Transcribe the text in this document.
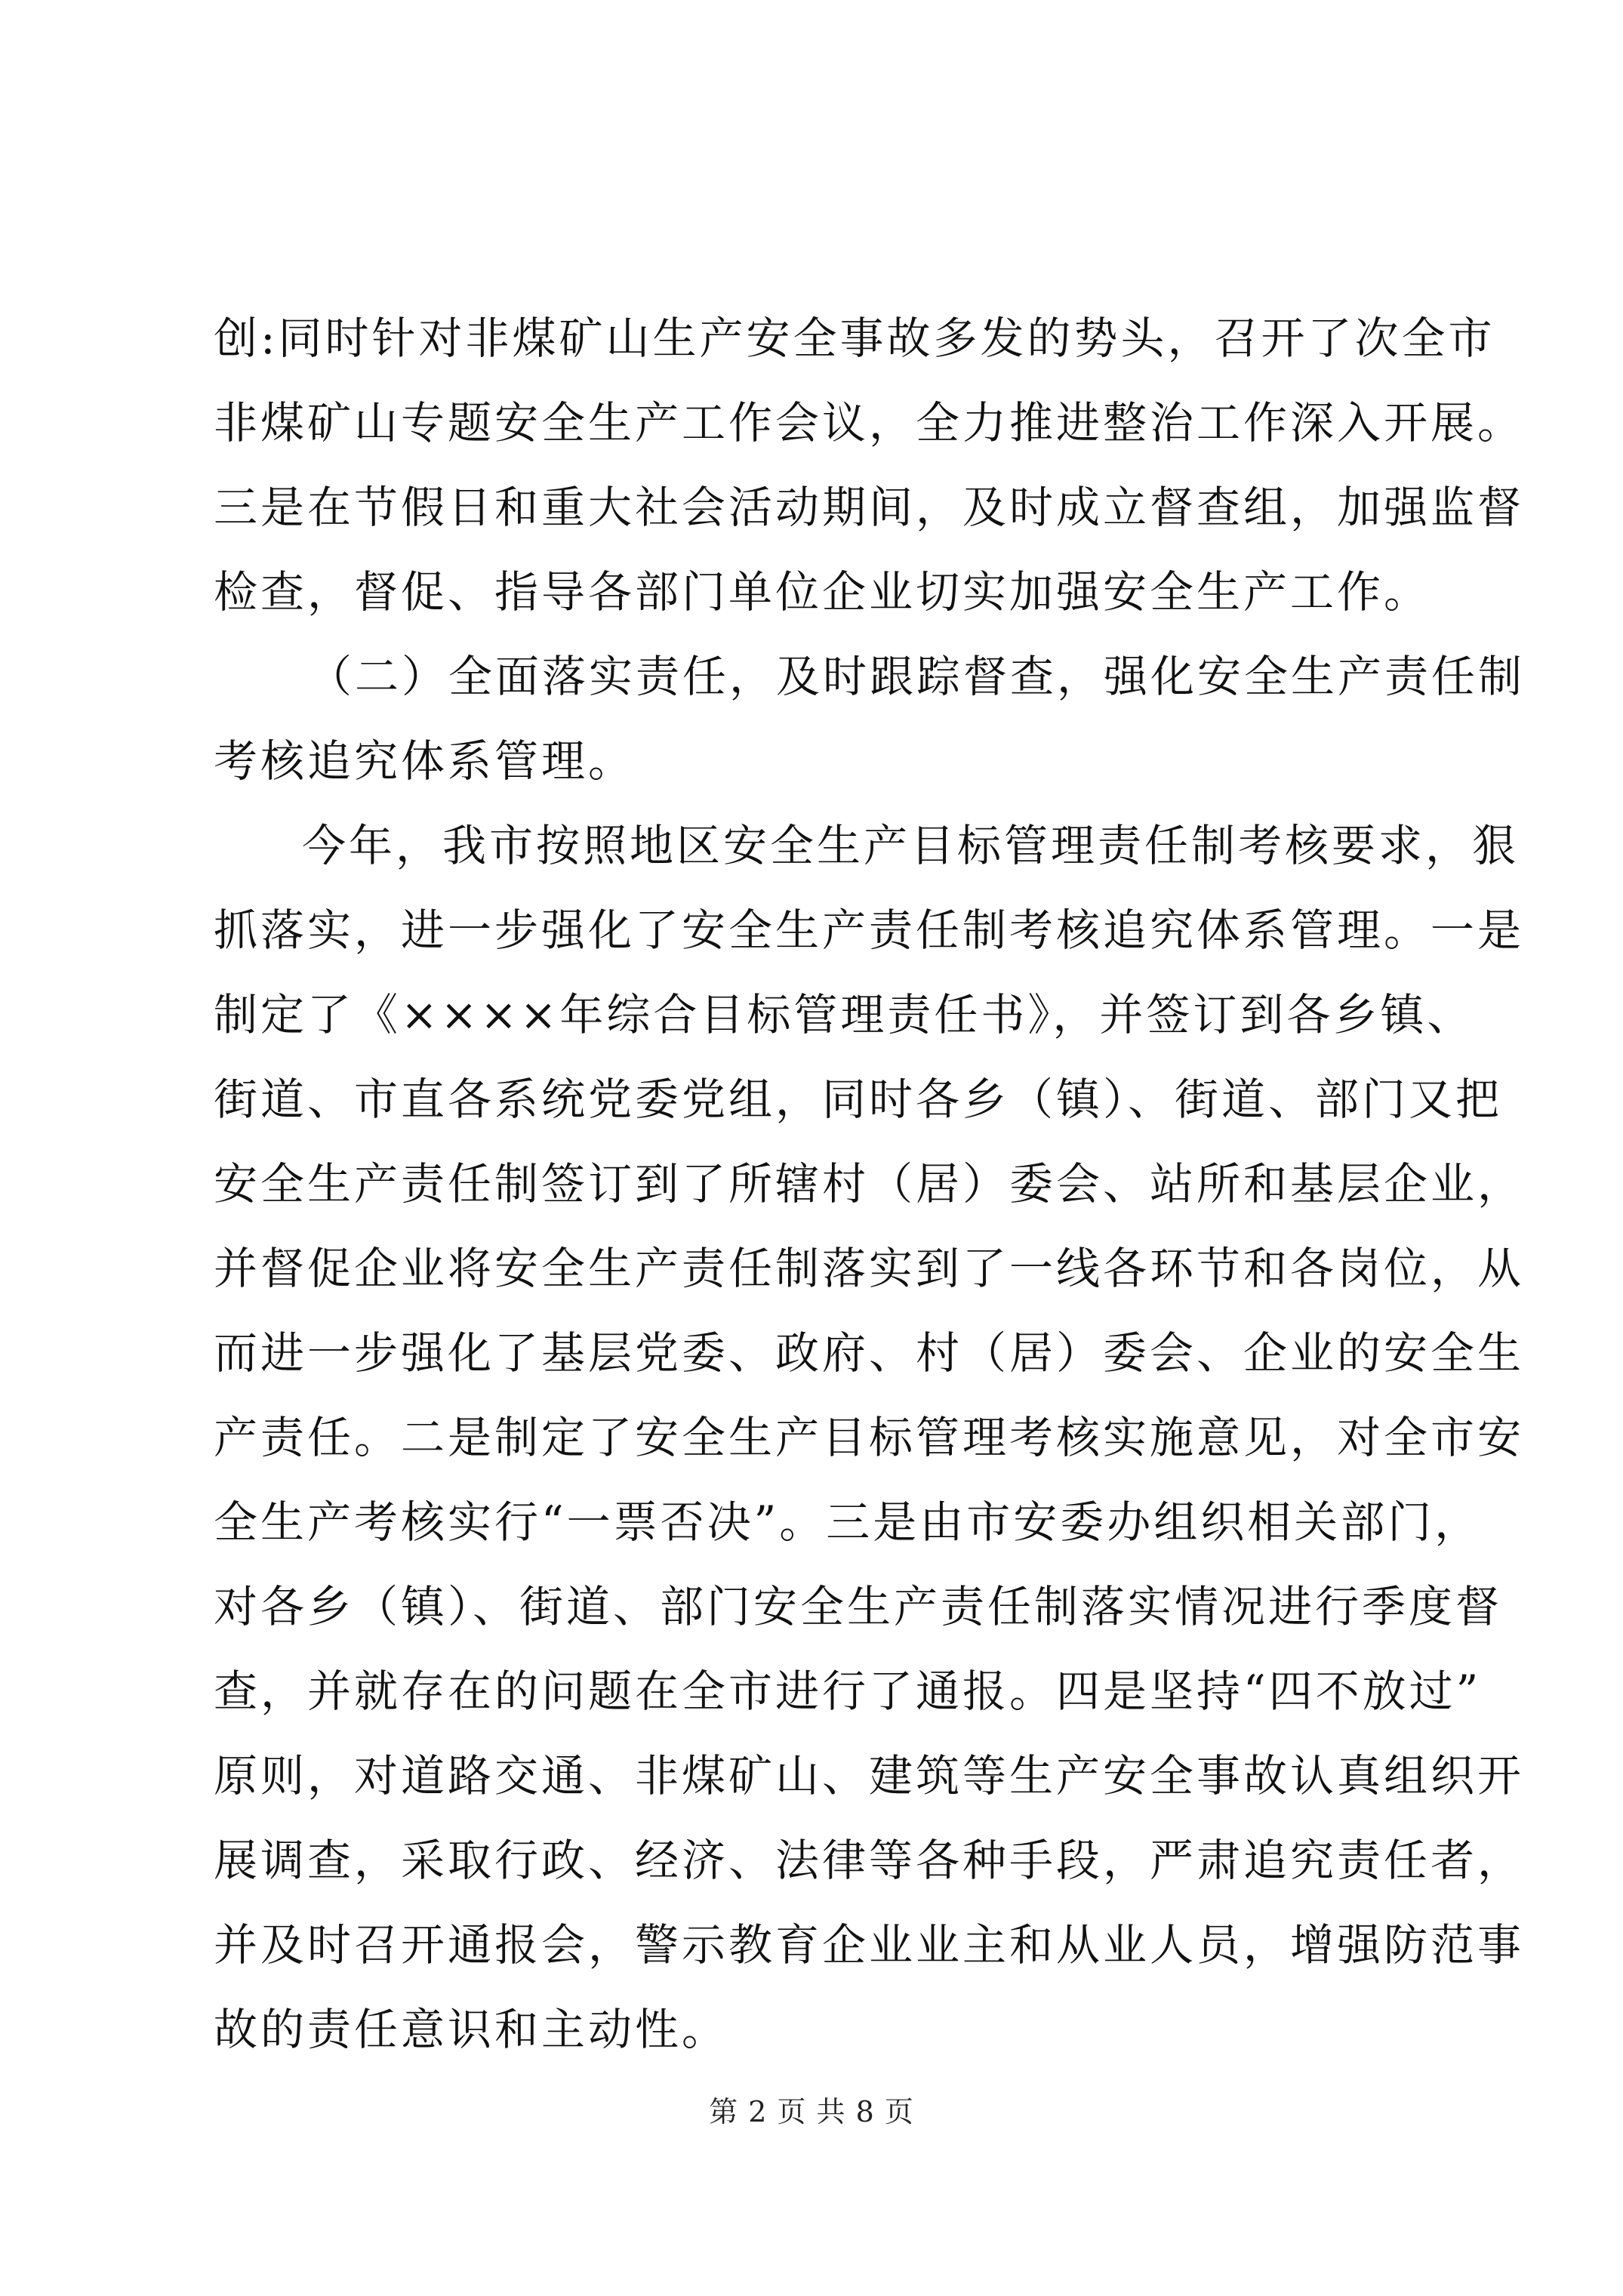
创:同时针对非煤矿山生产安全事故多发的势头，召开了次全市
非煤矿山专题安全生产工作会议，全力推进整治工作深入开展。
三是在节假日和重大社会活动期间，及时成立督查组，加强监督
检查，督促、指导各部门单位企业切实加强安全生产工作。
（二）全面落实责任，及时跟踪督查，强化安全生产责任制
考核追究体系管理。
今年，我市按照地区安全生产目标管理责任制考核要求，狠
抓落实，进一步强化了安全生产责任制考核追究体系管理。一是
制定了《××××年综合目标管理责任书》，并签订到各乡镇、
街道、市直各系统党委党组，同时各乡（镇）、街道、部门又把
安全生产责任制签订到了所辖村（居）委会、站所和基层企业，
并督促企业将安全生产责任制落实到了一线各环节和各岗位，从
而进一步强化了基层党委、政府、村（居）委会、企业的安全生
产责任。二是制定了安全生产目标管理考核实施意见，对全市安
全生产考核实行“一票否决”。三是由市安委办组织相关部门，
对各乡（镇）、街道、部门安全生产责任制落实情况进行季度督
查，并就存在的问题在全市进行了通报。四是坚持“四不放过”
原则，对道路交通、非煤矿山、建筑等生产安全事故认真组织开
展调查，采取行政、经济、法律等各种手段，严肃追究责任者，
并及时召开通报会，警示教育企业业主和从业人员，增强防范事
故的责任意识和主动性。
第 2 页 共 8 页
